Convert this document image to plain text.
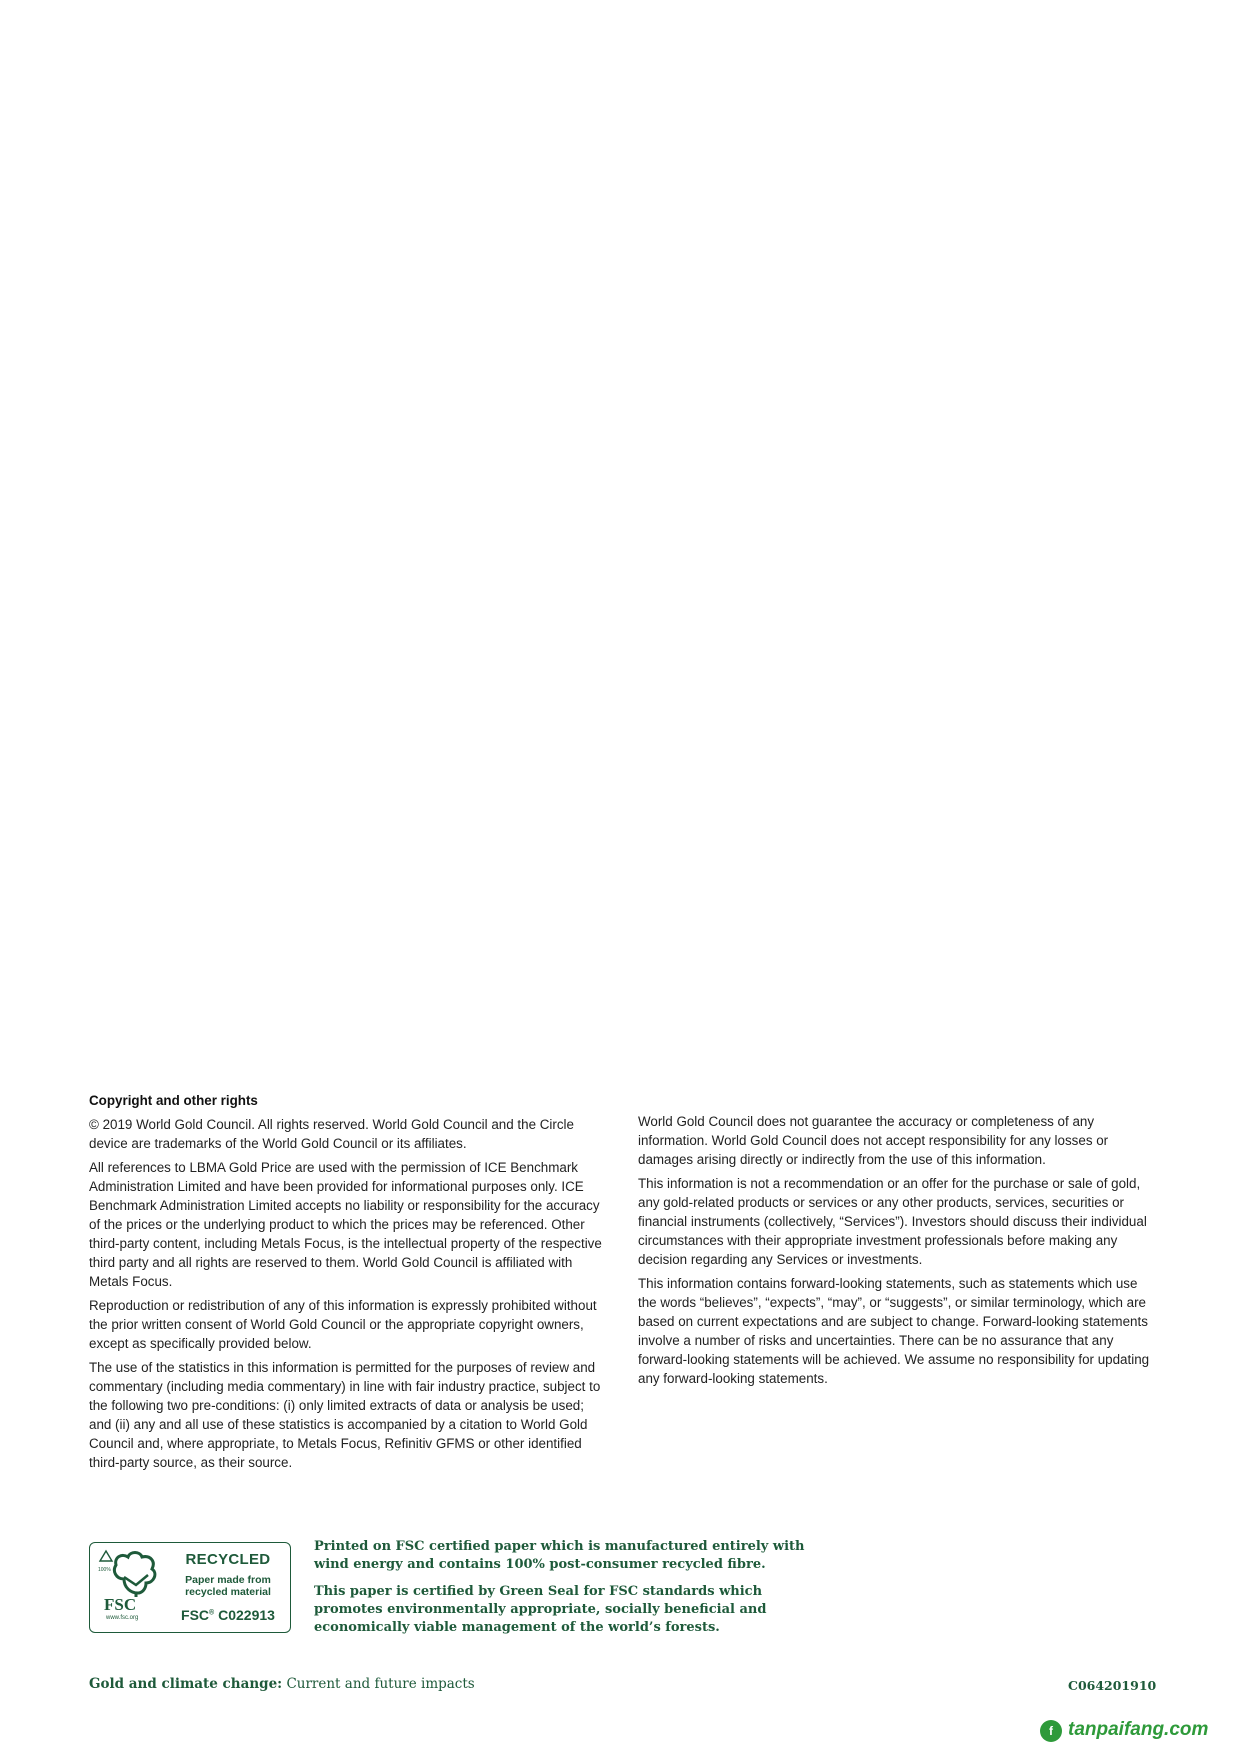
Copyright and other rights

© 2019 World Gold Council. All rights reserved. World Gold Council and the Circle device are trademarks of the World Gold Council or its affiliates.

All references to LBMA Gold Price are used with the permission of ICE Benchmark Administration Limited and have been provided for informational purposes only. ICE Benchmark Administration Limited accepts no liability or responsibility for the accuracy of the prices or the underlying product to which the prices may be referenced. Other third-party content, including Metals Focus, is the intellectual property of the respective third party and all rights are reserved to them. World Gold Council is affiliated with Metals Focus.

Reproduction or redistribution of any of this information is expressly prohibited without the prior written consent of World Gold Council or the appropriate copyright owners, except as specifically provided below.

The use of the statistics in this information is permitted for the purposes of review and commentary (including media commentary) in line with fair industry practice, subject to the following two pre-conditions: (i) only limited extracts of data or analysis be used; and (ii) any and all use of these statistics is accompanied by a citation to World Gold Council and, where appropriate, to Metals Focus, Refinitiv GFMS or other identified third-party source, as their source.

World Gold Council does not guarantee the accuracy or completeness of any information. World Gold Council does not accept responsibility for any losses or damages arising directly or indirectly from the use of this information.

This information is not a recommendation or an offer for the purchase or sale of gold, any gold-related products or services or any other products, services, securities or financial instruments (collectively, “Services”). Investors should discuss their individual circumstances with their appropriate investment professionals before making any decision regarding any Services or investments.

This information contains forward-looking statements, such as statements which use the words “believes”, “expects”, “may”, or “suggests”, or similar terminology, which are based on current expectations and are subject to change. Forward-looking statements involve a number of risks and uncertainties. There can be no assurance that any forward-looking statements will be achieved. We assume no responsibility for updating any forward-looking statements.

100%
FSC
www.fsc.org
RECYCLED
Paper made from
recycled material
FSC® C022913

Printed on FSC certified paper which is manufactured entirely with wind energy and contains 100% post-consumer recycled fibre.

This paper is certified by Green Seal for FSC standards which promotes environmentally appropriate, socially beneficial and economically viable management of the world’s forests.

Gold and climate change: Current and future impacts	C064201910
f tanpaifang.com
